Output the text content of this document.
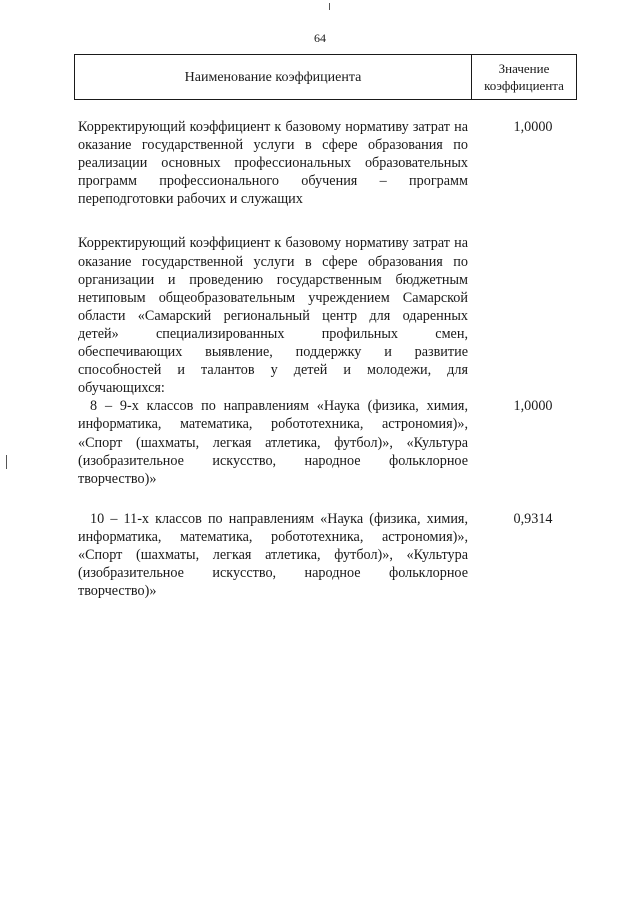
64
Наименование коэффициента
Значение
коэффициента
Корректирующий коэффициент к базовому нормативу затрат на оказание государственной услуги в сфере образования по реализации основных профессиональных образовательных программ профессионального обучения – программ переподготовки рабочих и служащих
1,0000
Корректирующий коэффициент к базовому нормативу затрат на оказание государственной услуги в сфере образования по организации и проведению государственным бюджетным нетиповым общеобразовательным учреждением Самарской области «Самарский региональный центр для одаренных детей» специализированных профильных смен, обеспечивающих выявление, поддержку и развитие способностей и талантов у детей и молодежи, для обучающихся:
8 – 9-х классов по направлениям «Наука (физика, химия, информатика, математика, робототехника, астрономия)», «Спорт (шахматы, легкая атлетика, футбол)», «Культура (изобразительное искусство, народное фольклорное творчество)»
1,0000
10 – 11-х классов по направлениям «Наука (физика, химия, информатика, математика, робототехника, астрономия)», «Спорт (шахматы, легкая атлетика, футбол)», «Культура (изобразительное искусство, народное фольклорное творчество)»
0,9314
